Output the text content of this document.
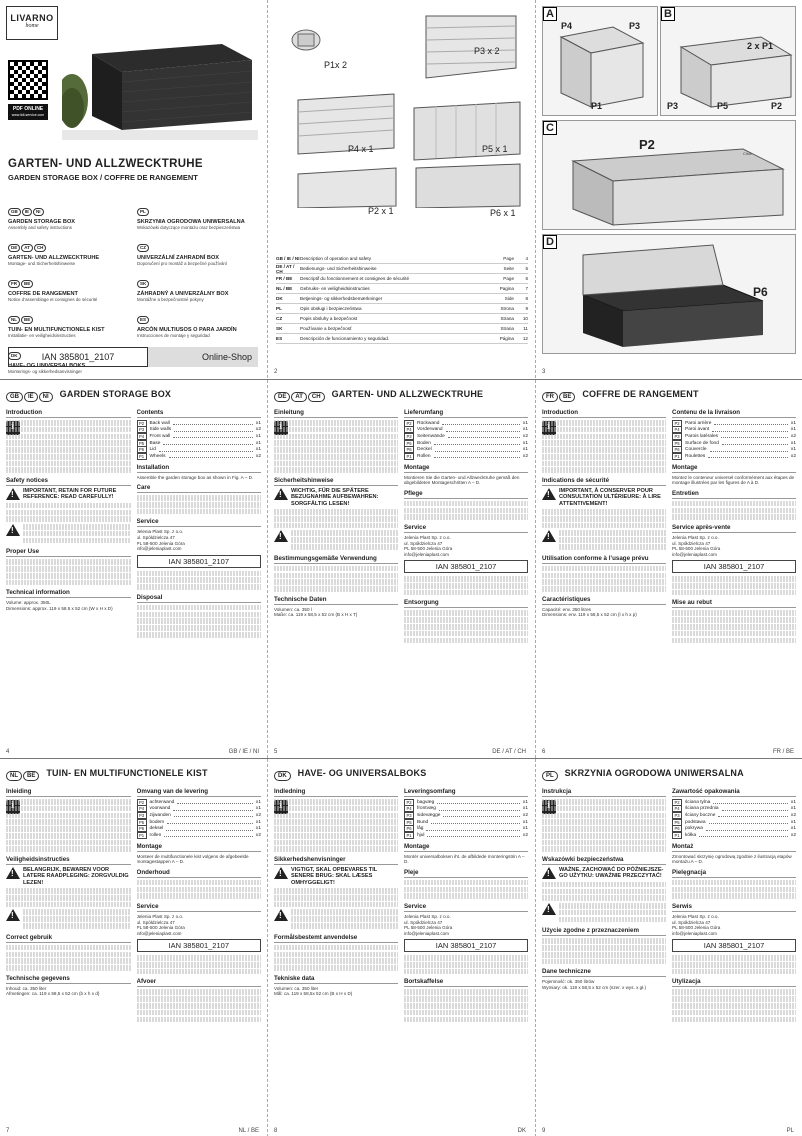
LIVARNO
home
PDF ONLINE
www.lidl-service.com
GARTEN- UND ALLZWECKTRUHE
GARDEN STORAGE BOX / COFFRE DE RANGEMENT
GB IE NI
GARDEN STORAGE BOX
Assembly and safety instructions
DE AT CH
GARTEN- UND ALLZWECKTRUHE
Montage- und Sicherheitshinweise
FR BE
COFFRE DE RANGEMENT
Notice d’assemblage et consignes de sécurité
NL BE
TUIN- EN MULTIFUNCTIONELE KIST
Installatie- en veiligheidsinstructies
DK
HAVE- OG UNIVERSALBOKS
Monterings- og sikkerhedsanvisninger
PL
SKRZYNIA OGRODOWA UNIWERSALNA
Wskazówki dotyczące montażu oraz bezpieczeństwa
CZ
UNIVERZÁLNÍ ZAHRADNÍ BOX
Doporučení pro montáž a bezpečné používání
SK
ZÁHRADNÝ A UNIVERZÁLNY BOX
Montážne a bezpečnostné pokyny
ES
ARCÓN MULTIUSOS O PARA JARDÍN
Instrucciones de montaje y seguridad
IAN 385801_2107	Online-Shop
P1x 2
P3 x 2
P4 x 1	P5 x 1
P2 x 1	P6 x 1
GB / IE / NI Description of operation and safety	Page	4
DE / AT / CH	Bedienungs- und Sicherheitshinweise	Seite	5
FR / BE	Descriptif du fonctionnement et consignes de sécurité	Page	6
NL / BE	Gebruiks- en veiligheidsinstructies	Pagina	7
DK	Betjenings- og sikkerhedsbemærkninger	Side	8
PL	Opis obsługi i bezpieczeństwa	Strona	9
CZ	Popis obsluhy a bezpečnost	Strana	10
SK	Používanie a bezpečnosť	Strana	11
ES	Descripción de funcionamiento y seguridad.	Página	12
2
A
P4	P3
P1
B
2 x P1
P2
P3	P5
C
P2
Click
D
P6
Click
3
GB IE NI	GARDEN STORAGE BOX
Introduction
i
Safety notices
!
IMPORTANT, RETAIN FOR FUTURE REFERENCE: READ CAREFULLY!
!
Proper Use
Technical information
Volume: approx. 350L
Dimensions: approx. 119 x 58.5 x 52 cm (W x H x D)
Contents
P2	Back wall	x1
P3	Side walls	x2
P4	Front wall	x1
P5	Base	x1
P6	Lid	x1
P1	Wheels	x2
Installation
Assemble the garden storage box as shown in Fig. A – D.
Care
Service
Jelenia Plast Sp. z o.o.
ul. Spółdzielcza 47
PL 58-500 Jelenia Góra
info@jeleniaplast.com
IAN 385801_2107
Disposal
4	GB / IE / NI
DE AT CH	GARTEN- UND ALLZWECKTRUHE
Einleitung
i
Sicherheitshinweise
!
WICHTIG, FÜR DIE SPÄTERE BEZUGNAHME AUFBEWAHREN: SORGFÄLTIG LESEN!
!
Bestimmungsgemäße Verwendung
Technische Daten
Volumen: ca. 350 l
Maße: ca. 119 x 58,5 x 52 cm (B x H x T)
Lieferumfang
P2	Rückwand	x1
P4	Vorderwand	x1
P3	Seitenwände	x2
P5	Boden	x1
P6	Deckel	x1
P1	Rollen	x2
Montage
Montieren Sie die Garten- und Allzwecktruhe gemäß den abgebildeten Montageschritten A – D.
Pflege
Service
Jelenia Plast Sp. z o.o.
ul. Spółdzielcza 47
PL 58-500 Jelenia Góra
info@jeleniaplast.com
IAN 385801_2107
Entsorgung
5	DE / AT / CH
FR BE	COFFRE DE RANGEMENT
Introduction
i
Indications de sécurité
!
IMPORTANT, À CONSERVER POUR CONSULTATION ULTÉRIEURE: À LIRE ATTENTIVEMENT!
!
Utilisation conforme à l’usage prévu
Caractéristiques
Capacité: env. 350 litres
Dimensions: env. 119 x 58,5 x 52 cm (l x h x p)
Contenu de la livraison
P2	Paroi arrière	x1
P4	Paroi avant	x1
P3	Parois latérales	x2
P5	Surface de fond	x1
P6	Couvercle	x1
P1	Roulettes	x2
Montage
Montez le conteneur universel conformément aux étapes de montage illustrées par les figures de A à D.
Entretien
Service après-vente
Jelenia Plast Sp. z o.o.
ul. Spółdzielcza 47
PL 58-500 Jelenia Góra
info@jeleniaplast.com
IAN 385801_2107
Mise au rebut
6	FR / BE
NL BE	TUIN- EN MULTIFUNCTIONELE KIST
Inleiding
i
Veiligheidsinstructies
!
BELANGRIJK, BEWAREN VOOR LATERE RAADPLEGING: ZORGVULDIG LEZEN!
!
Correct gebruik
Technische gegevens
Inhoud: ca. 350 liter
Afmetingen: ca. 119 x 58,5 x 52 cm (b x h x d)
Omvang van de levering
P2	achterwand	x1
P4	voorwand	x1
P3	zijwanden	x2
P5	bodem	x1
P6	deksel	x1
P1	rollen	x2
Montage
Monteer de multifunctionele kist volgens de afgebeelde montagestappen A – D.
Onderhoud
Service
Jelenia Plast Sp. z o.o.
ul. Spółdzielcza 47
PL 58-500 Jelenia Góra
info@jeleniaplast.com
IAN 385801_2107
Afvoer
7	NL / BE
DK	HAVE- OG UNIVERSALBOKS
Indledning
i
Sikkerhedshenvisninger
!
VIGTIGT, SKAL OPBEVARES TIL SENERE BRUG: SKAL LÆSES OMHYGGELIGT!
!
Formålsbestemt anvendelse
Tekniske data
Volumen: ca. 350 liter
Mål: ca. 119 x 58,5x 52 cm (B x H x D)
Leveringsomfang
P2	bagvæg	x1
P4	frontvæg	x1
P3	sidevægge	x2
P5	Bund	x1
P6	låg	x1
P1	hjul	x2
Montage
Montér universalboksen iht. de afbildede monteringstrin A – D.
Pleje
Service
Jelenia Plast Sp. z o.o.
ul. Spółdzielcza 47
PL 58-500 Jelenia Góra
info@jeleniaplast.com
IAN 385801_2107
Bortskaffelse
8	DK
PL	SKRZYNIA OGRODOWA UNIWERSALNA
Instrukcja
i
Wskazówki bezpieczeństwa
!
WAŻNE, ZACHOWAĆ DO PÓŹNIEJSZE-GO UŻYTKU: UWAŻNIE PRZECZYTAĆ!
!
Użycie zgodne z przeznaczeniem
Dane techniczne
Pojemność: ok. 350 litrów
Wymiary: ok. 119 x 58,5 x 52 cm (szer. x wys. x gł.)
Zawartość opakowania
P2	ścianа tylna	x1
P4	ściana przednia	x1
P3	ściany boczne	x2
P5	podstawa	x1
P6	pokrywa	x1
P1	kółka	x2
Montaż
Zmontować skrzynię ogrodową zgodnie z ilustracją etapów montażu A – D.
Pielęgnacja
Serwis
Jelenia Plast Sp. z o.o.
ul. Spółdzielcza 47
PL 58-500 Jelenia Góra
info@jeleniaplast.com
IAN 385801_2107
Utylizacja
9	PL
